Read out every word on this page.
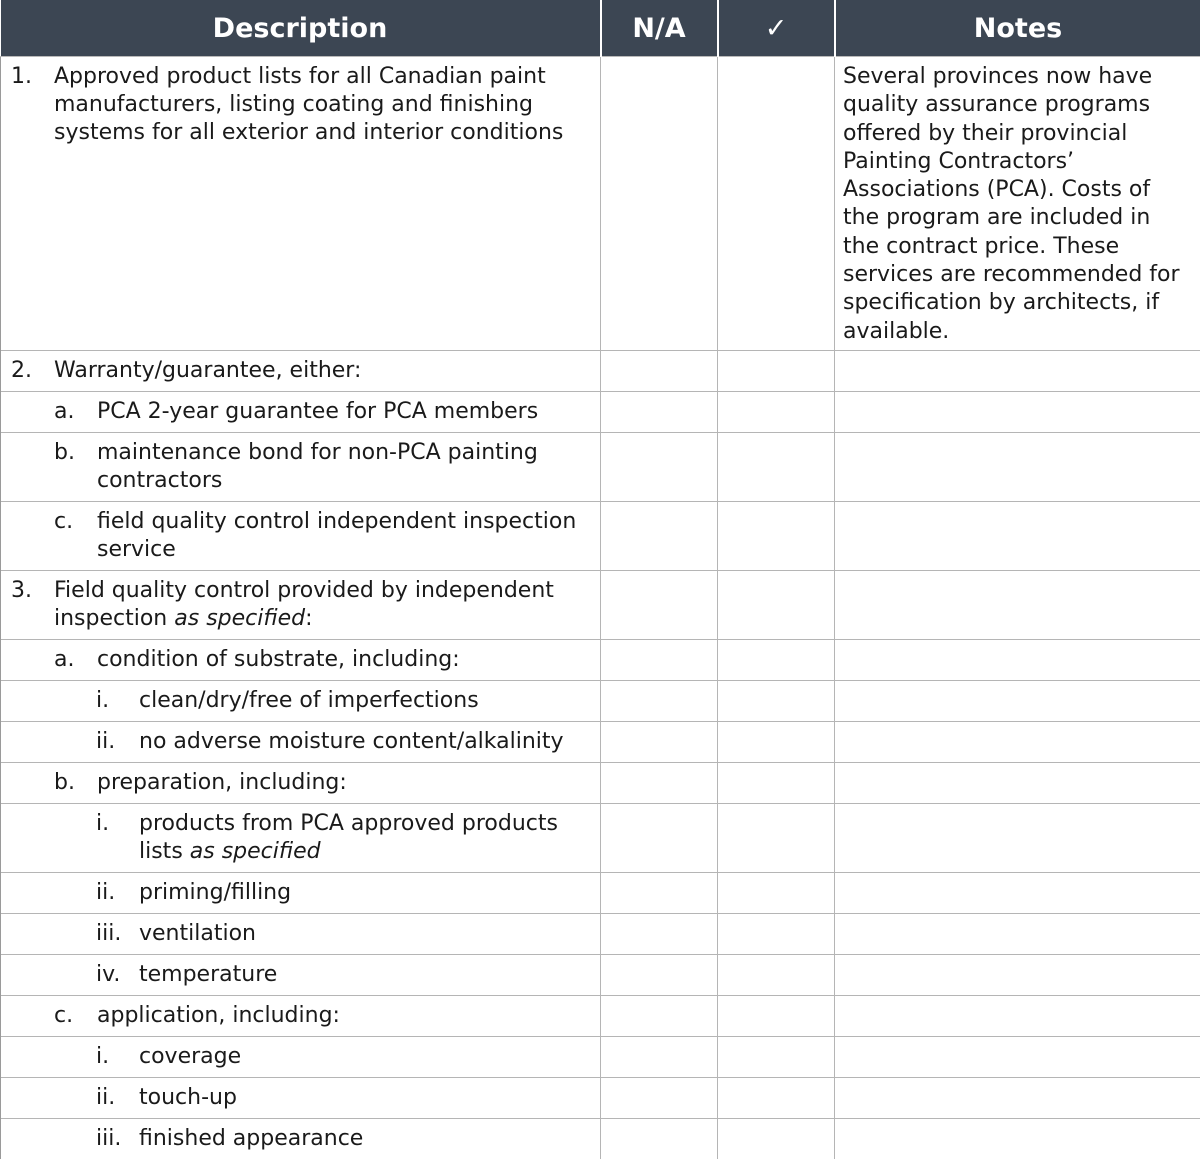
Description	N/A	✓	Notes

1. Approved product lists for all Canadian paint manufacturers, listing coating and finishing systems for all exterior and interior conditions			Several provinces now have quality assurance programs offered by their provincial Painting Contractors’ Associations (PCA). Costs of the program are included in the contract price. These services are recommended for specification by architects, if available.

2. Warranty/guarantee, either:			

a. PCA 2-year guarantee for PCA members			

b. maintenance bond for non-PCA painting contractors			

c. field quality control independent inspection service			

3. Field quality control provided by independent inspection as specified:			

a. condition of substrate, including:			

i. clean/dry/free of imperfections			

ii. no adverse moisture content/alkalinity			

b. preparation, including:			

i. products from PCA approved products lists as specified			

ii. priming/filling			

iii. ventilation			

iv. temperature			

c. application, including:			

i. coverage			

ii. touch-up			

iii. finished appearance			
